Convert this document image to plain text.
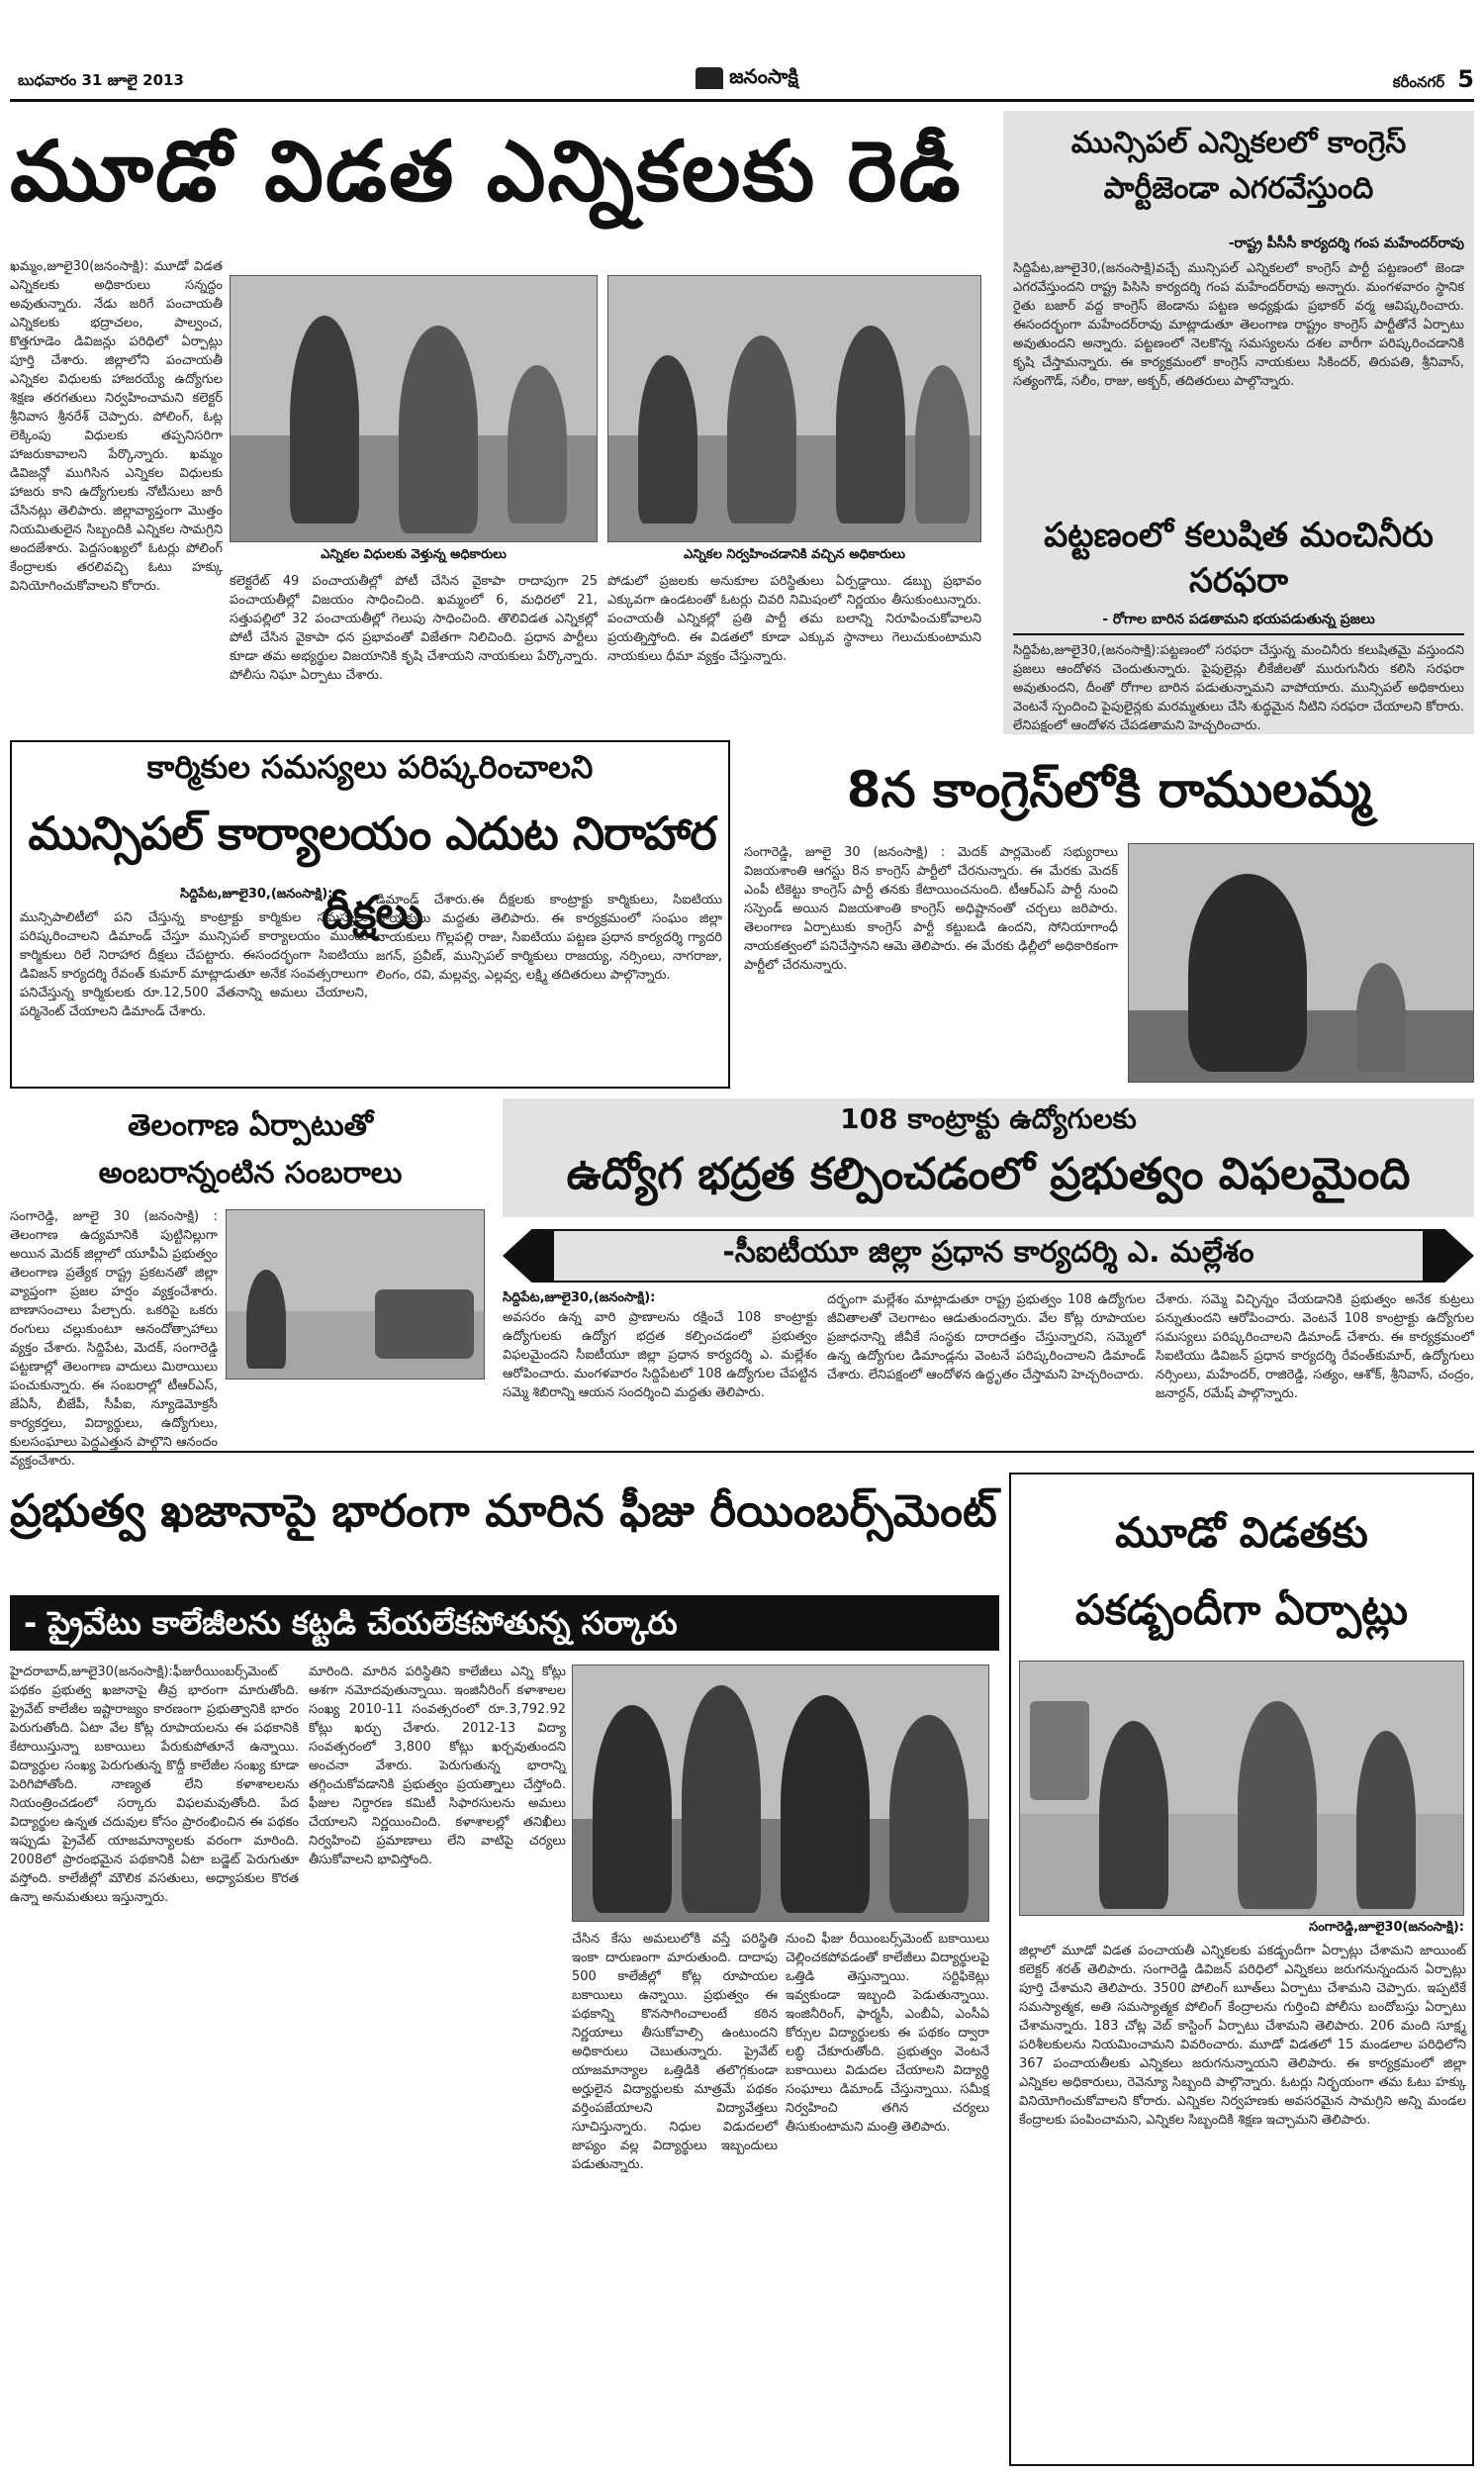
బుధవారం 31 జూలై 2013	జనంసాక్షి	కరీంనగర్ 5
మూడో విడత ఎన్నికలకు రెడీ
ఖమ్మం,జూలై30(జనంసాక్షి): మూడో విడత ఎన్నికలకు అధికారులు సన్నద్ధం అవుతున్నారు. నేడు జరిగే పంచాయతీ ఎన్నికలకు భద్రాచలం, పాల్వంచ, కొత్తగూడెం డివిజన్లు పరిధిలో ఏర్పాట్లు పూర్తి చేశారు. జిల్లాలోని పంచాయతీ ఎన్నికల విధులకు హాజరయ్యే ఉద్యోగుల శిక్షణ తరగతులు నిర్వహించామని కలెక్టర్ శ్రీనివాస శ్రీనరేశ్ చెప్పారు. పోలింగ్, ఓట్ల లెక్కింపు విధులకు తప్పనిసరిగా హాజరుకావాలని పేర్కొన్నారు. ఖమ్మం డివిజన్లో ముగిసిన ఎన్నికల విధులకు హాజరు కాని ఉద్యోగులకు నోటీసులు జారీ చేసినట్లు తెలిపారు. జిల్లావ్యాప్తంగా మొత్తం నియమితులైన సిబ్బందికి ఎన్నికల సామగ్రిని అందజేశారు. పెద్దసంఖ్యలో ఓటర్లు పోలింగ్ కేంద్రాలకు తరలివచ్చి ఓటు హక్కు వినియోగించుకోవాలని కోరారు.
ఎన్నికల విధులకు వెళ్తున్న అధికారులు	ఎన్నికల నిర్వహించడానికి వచ్చిన అధికారులు
కలెక్టరేట్ 49 పంచాయతీల్లో పోటీ చేసిన వైకాపా రాదాపుగా 25 పంచాయతీల్లో విజయం సాధించింది. ఖమ్మంలో 6, మధిరలో 21, సత్తుపల్లిలో 32 పంచాయతీల్లో గెలుపు సాధించింది. తొలివిడత ఎన్నికల్లో పోటీ చేసిన వైకాపా ధన ప్రభావంతో విజేతగా నిలిచింది. ప్రధాన పార్టీలు కూడా తమ అభ్యర్థుల విజయానికి కృషి చేశాయని నాయకులు పేర్కొన్నారు. పోలీసు నిఘా ఏర్పాటు చేశారు.
పోడులో ప్రజలకు అనుకూల పరిస్థితులు ఏర్పడ్డాయి. డబ్బు ప్రభావం ఎక్కువగా ఉండటంతో ఓటర్లు చివరి నిమిషంలో నిర్ణయం తీసుకుంటున్నారు. పంచాయతీ ఎన్నికల్లో ప్రతి పార్టీ తమ బలాన్ని నిరూపించుకోవాలని ప్రయత్నిస్తోంది. ఈ విడతలో కూడా ఎక్కువ స్థానాలు గెలుచుకుంటామని నాయకులు ధీమా వ్యక్తం చేస్తున్నారు.
మున్సిపల్ ఎన్నికలలో కాంగ్రెస్
పార్టీజెండా ఎగరవేస్తుంది
-రాష్ట్ర పీసీసీ కార్యదర్శి గంప మహేందర్‌రావు
సిద్దిపేట,జూలై30,(జనంసాక్షి)వచ్చే మున్సిపల్ ఎన్నికలలో కాంగ్రెస్ పార్టీ పట్టణంలో జెండా ఎగరవేస్తుందని రాష్ట్ర పిసిసి కార్యదర్శి గంప మహేందర్‌రావు అన్నారు. మంగళవారం స్థానిక రైతు బజార్ వద్ద కాంగ్రెస్ జెండాను పట్టణ అధ్యక్షుడు ప్రభాకర్ వర్మ ఆవిష్కరించారు. ఈసందర్భంగా మహేందర్‌రావు మాట్లాడుతూ తెలంగాణ రాష్ట్రం కాంగ్రెస్ పార్టీతోనే ఏర్పాటు అవుతుందని అన్నారు. పట్టణంలో నెలకొన్న సమస్యలను దశల వారీగా పరిష్కరించడానికి కృషి చేస్తామన్నారు. ఈ కార్యక్రమంలో కాంగ్రెస్ నాయకులు సికిందర్, తిరుపతి, శ్రీనివాస్, సత్యంగౌడ్, సలీం, రాజు, అక్బర్, తదితరులు పాల్గొన్నారు.
పట్టణంలో కలుషిత మంచినీరు
సరఫరా
- రోగాల బారిన పడతామని భయపడుతున్న ప్రజలు
సిద్దిపేట,జూలై30,(జనంసాక్షి):పట్టణంలో సరఫరా చేస్తున్న మంచినీరు కలుషితమై వస్తుందని ప్రజలు ఆందోళన చెందుతున్నారు. పైపులైన్లు లీకేజీలతో మురుగునీరు కలిసి సరఫరా అవుతుందని, దీంతో రోగాల బారిన పడుతున్నామని వాపోయారు. మున్సిపల్ అధికారులు వెంటనే స్పందించి పైపులైన్లకు మరమ్మతులు చేసి శుద్ధమైన నీటిని సరఫరా చేయాలని కోరారు. లేనిపక్షంలో ఆందోళన చేపడతామని హెచ్చరించారు.
కార్మికుల సమస్యలు పరిష్కరించాలని
మున్సిపల్ కార్యాలయం ఎదుట నిరాహార దీక్షలు
సిద్దిపేట,జూలై30,(జనంసాక్షి):
మున్సిపాలిటీలో పని చేస్తున్న కాంట్రాక్టు కార్మికుల సమస్యలు పరిష్కరించాలని డిమాండ్ చేస్తూ మున్సిపల్ కార్యాలయం ముందు కార్మికులు రిలే నిరాహార దీక్షలు చేపట్టారు. ఈసందర్భంగా సిఐటియు డివిజన్ కార్యదర్శి రేవంత్ కుమార్ మాట్లాడుతూ అనేక సంవత్సరాలుగా పనిచేస్తున్న కార్మికులకు రూ.12,500 వేతనాన్ని అమలు చేయాలని, పర్మినెంట్ చేయాలని డిమాండ్ చేశారు.
డిమాండ్ చేశారు.ఈ దీక్షలకు కాంట్రాక్టు కార్మికులు, సిఐటియు నాయకులు మద్దతు తెలిపారు. ఈ కార్యక్రమంలో సంఘం జిల్లా నాయకులు గొల్లపల్లి రాజు, సిఐటియు పట్టణ ప్రధాన కార్యదర్శి గ్యాదరి జగన్, ప్రవీణ్, మున్సిపల్ కార్మికులు రాజయ్య, నర్సింలు, నాగరాజు, లింగం, రవి, మల్లవ్వ, ఎల్లవ్వ, లక్ష్మి తదితరులు పాల్గొన్నారు.
8న కాంగ్రెస్‌లోకి రాములమ్మ
సంగారెడ్డి, జూలై 30 (జనంసాక్షి) : మెదక్ పార్లమెంట్ సభ్యురాలు విజయశాంతి ఆగస్టు 8న కాంగ్రెస్ పార్టీలో చేరనున్నారు. ఈ మేరకు మెదక్ ఎంపీ టికెట్టు కాంగ్రెస్ పార్టీ తనకు కేటాయించనుంది. టీఆర్‌ఎస్ పార్టీ నుంచి సస్పెండ్ అయిన విజయశాంతి కాంగ్రెస్ అధిష్టానంతో చర్చలు జరిపారు. తెలంగాణ ఏర్పాటుకు కాంగ్రెస్ పార్టీ కట్టుబడి ఉందని, సోనియాగాంధీ నాయకత్వంలో పనిచేస్తానని ఆమె తెలిపారు. ఈ మేరకు ఢిల్లీలో అధికారికంగా పార్టీలో చేరనున్నారు.
తెలంగాణ ఏర్పాటుతో
అంబరాన్నంటిన సంబరాలు
సంగారెడ్డి, జూలై 30 (జనంసాక్షి) : తెలంగాణ ఉద్యమానికి పుట్టినిల్లుగా అయిన మెదక్ జిల్లాలో యూపీఏ ప్రభుత్వం తెలంగాణ ప్రత్యేక రాష్ట్ర ప్రకటనతో జిల్లా వ్యాప్తంగా ప్రజల హర్షం వ్యక్తంచేశారు. బాణాసంచాలు పేల్చారు. ఒకరిపై ఒకరు రంగులు చల్లుకుంటూ ఆనందోత్సాహాలు వ్యక్తం చేశారు. సిద్దిపేట, మెదక్, సంగారెడ్డి పట్టణాల్లో తెలంగాణ వాదులు మిఠాయిలు పంచుకున్నారు. ఈ సంబరాల్లో టీఆర్‌ఎస్, జేఏసీ, బీజేపీ, సీపీఐ, న్యూడెమోక్రసీ కార్యకర్తలు, విద్యార్థులు, ఉద్యోగులు, కులసంఘాలు పెద్దఎత్తున పాల్గొని ఆనందం వ్యక్తంచేశారు.
108 కాంట్రాక్టు ఉద్యోగులకు
ఉద్యోగ భద్రత కల్పించడంలో ప్రభుత్వం విఫలమైంది
-సీఐటీయూ జిల్లా ప్రధాన కార్యదర్శి ఎ. మల్లేశం
సిద్దిపేట,జూలై30,(జనంసాక్షి):
అవసరం ఉన్న వారి ప్రాణాలను రక్షించే 108 కాంట్రాక్టు ఉద్యోగులకు ఉద్యోగ భద్రత కల్పించడంలో ప్రభుత్వం విఫలమైందని సీఐటీయూ జిల్లా ప్రధాన కార్యదర్శి ఎ. మల్లేశం ఆరోపించారు. మంగళవారం సిద్దిపేటలో 108 ఉద్యోగుల చేపట్టిన సమ్మె శిబిరాన్ని ఆయన సందర్శించి మద్దతు తెలిపారు.
దర్భంగా మల్లేశం మాట్లాడుతూ రాష్ట్ర ప్రభుత్వం 108 ఉద్యోగుల జీవితాలతో చెలగాటం ఆడుతుందన్నారు. వేల కోట్ల రూపాయల ప్రజాధనాన్ని జీవీకే సంస్థకు దారాదత్తం చేస్తున్నారని, సమ్మెలో ఉన్న ఉద్యోగుల డిమాండ్లను వెంటనే పరిష్కరించాలని డిమాండ్ చేశారు. లేనిపక్షంలో ఆందోళన ఉద్ధృతం చేస్తామని హెచ్చరించారు.
చేశారు. సమ్మె విచ్ఛిన్నం చేయడానికి ప్రభుత్వం అనేక కుట్రలు పన్నుతుందని ఆరోపించారు. వెంటనే 108 కాంట్రాక్టు ఉద్యోగుల సమస్యలు పరిష్కరించాలని డిమాండ్ చేశారు. ఈ కార్యక్రమంలో సిఐటియు డివిజన్ ప్రధాన కార్యదర్శి రేవంత్‌కుమార్, ఉద్యోగులు నర్సింలు, మహేందర్, రాజిరెడ్డి, సత్యం, ఆశోక్, శ్రీనివాస్, చంద్రం, జనార్దన్, రమేష్ పాల్గొన్నారు.
ప్రభుత్వ ఖజానాపై భారంగా మారిన ఫీజు రీయింబర్స్‌మెంట్
- ప్రైవేటు కాలేజీలను కట్టడి చేయలేకపోతున్న సర్కారు
హైదరాబాద్,జూలై30(జనంసాక్షి):ఫీజురీయింబర్స్‌మెంట్ పథకం ప్రభుత్వ ఖజానాపై తీవ్ర భారంగా మారుతోంది. ప్రైవేట్ కాలేజీల ఇష్టారాజ్యం కారణంగా ప్రభుత్వానికి భారం పెరుగుతోంది. ఏటా వేల కోట్ల రూపాయలను ఈ పథకానికి కేటాయిస్తున్నా బకాయిలు పేరుకుపోతూనే ఉన్నాయి. విద్యార్థుల సంఖ్య పెరుగుతున్న కొద్దీ కాలేజీల సంఖ్య కూడా పెరిగిపోతోంది. నాణ్యత లేని కళాశాలలను నియంత్రించడంలో సర్కారు విఫలమవుతోంది. పేద విద్యార్థుల ఉన్నత చదువుల కోసం ప్రారంభించిన ఈ పథకం ఇప్పుడు ప్రైవేట్ యాజమాన్యాలకు వరంగా మారింది. 2008లో ప్రారంభమైన పథకానికి ఏటా బడ్జెట్ పెరుగుతూ వస్తోంది. కాలేజీల్లో మౌలిక వసతులు, అధ్యాపకుల కొరత ఉన్నా అనుమతులు ఇస్తున్నారు.
మారింది. మారిన పరిస్థితిని కాలేజీలు ఎన్ని కోట్లు ఆశగా నమోదవుతున్నాయి. ఇంజినీరింగ్ కళాశాలల సంఖ్య 2010-11 సంవత్సరంలో రూ.3,792.92 కోట్లు ఖర్చు చేశారు. 2012-13 విద్యా సంవత్సరంలో 3,800 కోట్లు ఖర్చవుతుందని అంచనా వేశారు. పెరుగుతున్న భారాన్ని తగ్గించుకోవడానికి ప్రభుత్వం ప్రయత్నాలు చేస్తోంది. ఫీజుల నిర్ధారణ కమిటీ సిఫారసులను అమలు చేయాలని నిర్ణయించింది. కళాశాలల్లో తనిఖీలు నిర్వహించి ప్రమాణాలు లేని వాటిపై చర్యలు తీసుకోవాలని భావిస్తోంది.
చేసిన కేసు అమలులోకి వస్తే పరిస్థితి ఇంకా దారుణంగా మారుతుంది. దాదాపు 500 కాలేజీల్లో కోట్ల రూపాయల బకాయిలు ఉన్నాయి. ప్రభుత్వం ఈ పథకాన్ని కొనసాగించాలంటే కఠిన నిర్ణయాలు తీసుకోవాల్సి ఉంటుందని అధికారులు చెబుతున్నారు. ప్రైవేట్ యాజమాన్యాల ఒత్తిడికి తలొగ్గకుండా అర్హులైన విద్యార్థులకు మాత్రమే పథకం వర్తింపజేయాలని విద్యావేత్తలు సూచిస్తున్నారు. నిధుల విడుదలలో జాప్యం వల్ల విద్యార్థులు ఇబ్బందులు పడుతున్నారు.
నుంచి ఫీజు రీయింబర్స్‌మెంట్ బకాయిలు చెల్లించకపోవడంతో కాలేజీలు విద్యార్థులపై ఒత్తిడి తెస్తున్నాయి. సర్టిఫికెట్లు ఇవ్వకుండా ఇబ్బంది పెడుతున్నాయి. ఇంజినీరింగ్, ఫార్మసీ, ఎంబీఏ, ఎంసీఏ కోర్సుల విద్యార్థులకు ఈ పథకం ద్వారా లబ్ధి చేకూరుతోంది. ప్రభుత్వం వెంటనే బకాయిలు విడుదల చేయాలని విద్యార్థి సంఘాలు డిమాండ్ చేస్తున్నాయి. సమీక్ష నిర్వహించి తగిన చర్యలు తీసుకుంటామని మంత్రి తెలిపారు.
మూడో విడతకు
పకడ్బందీగా ఏర్పాట్లు
సంగారెడ్డి,జూలై30(జనంసాక్షి):
జిల్లాలో మూడో విడత పంచాయతీ ఎన్నికలకు పకడ్బందీగా ఏర్పాట్లు చేశామని జాయింట్ కలెక్టర్ శరత్ తెలిపారు. సంగారెడ్డి డివిజన్ పరిధిలో ఎన్నికలు జరుగనున్నందున ఏర్పాట్లు పూర్తి చేశామని తెలిపారు. 3500 పోలింగ్ బూత్‌లు ఏర్పాటు చేశామని చెప్పారు. ఇప్పటికే సమస్యాత్మక, అతి సమస్యాత్మక పోలింగ్ కేంద్రాలను గుర్తించి పోలీసు బందోబస్తు ఏర్పాటు చేశామన్నారు. 183 చోట్ల వెబ్ కాస్టింగ్ ఏర్పాటు చేశామని తెలిపారు. 206 మంది సూక్ష్మ పరిశీలకులను నియమించామని వివరించారు. మూడో విడతలో 15 మండలాల పరిధిలోని 367 పంచాయతీలకు ఎన్నికలు జరుగనున్నాయని తెలిపారు. ఈ కార్యక్రమంలో జిల్లా ఎన్నికల అధికారులు, రెవెన్యూ సిబ్బంది పాల్గొన్నారు. ఓటర్లు నిర్భయంగా తమ ఓటు హక్కు వినియోగించుకోవాలని కోరారు. ఎన్నికల నిర్వహణకు అవసరమైన సామగ్రిని అన్ని మండల కేంద్రాలకు పంపించామని, ఎన్నికల సిబ్బందికి శిక్షణ ఇచ్చామని తెలిపారు.
